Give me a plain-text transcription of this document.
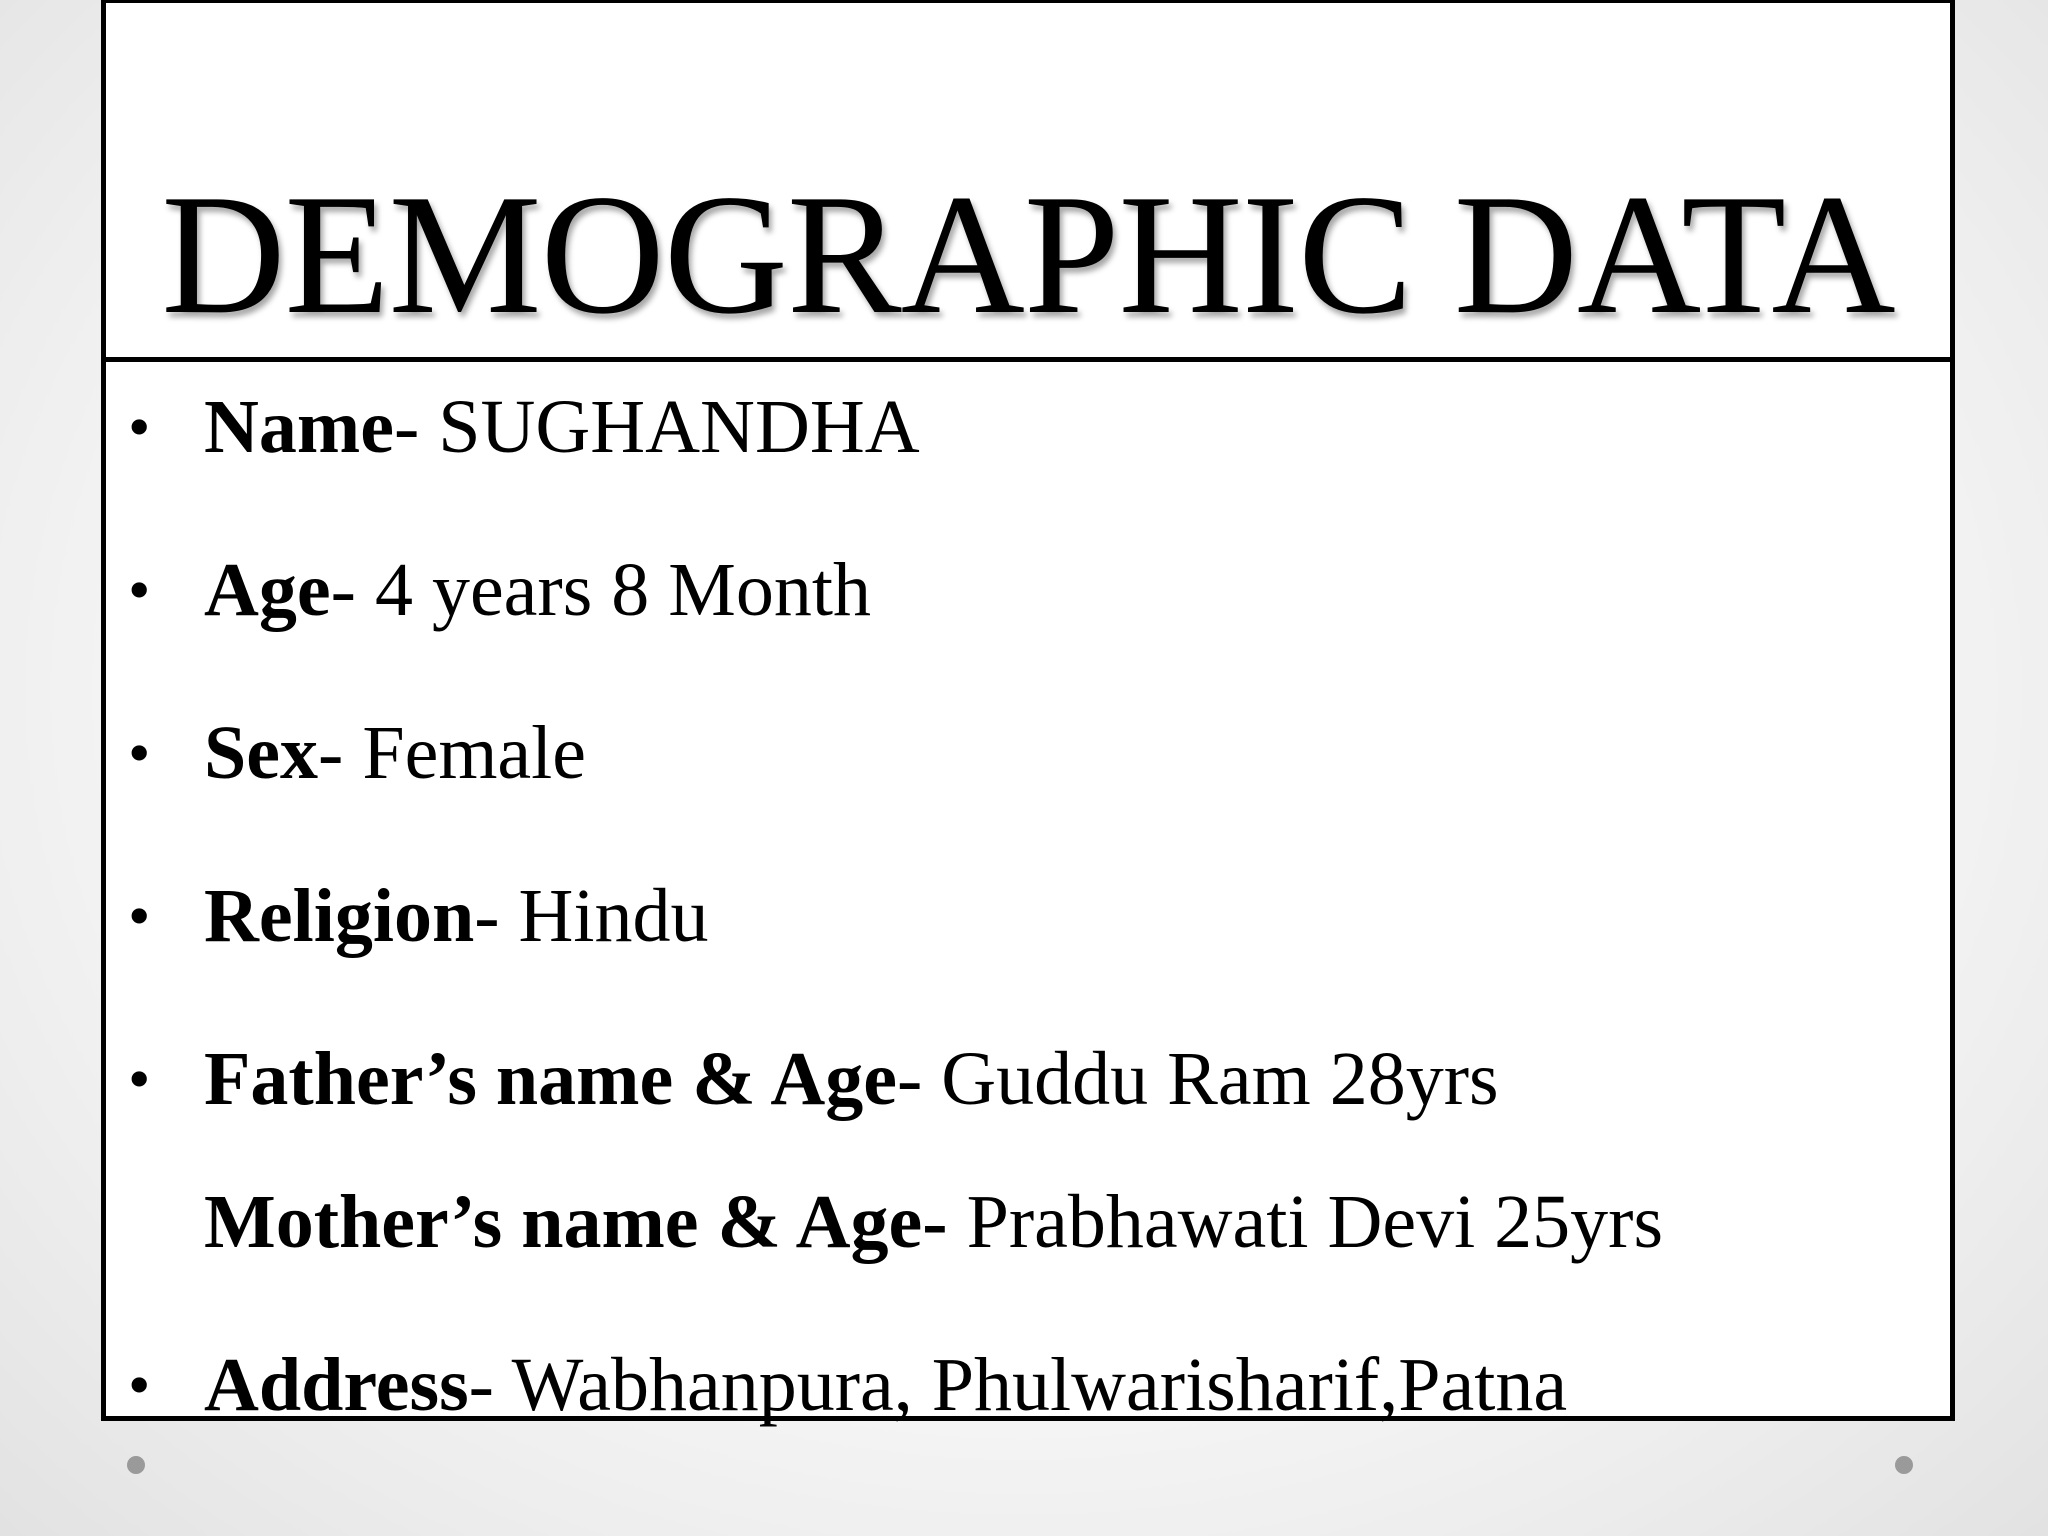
DEMOGRAPHIC DATA
• Name- SUGHANDHA
• Age- 4 years 8 Month
• Sex- Female
• Religion- Hindu
• Father’s name & Age- Guddu Ram 28yrs
Mother’s name & Age- Prabhawati Devi 25yrs
• Address- Wabhanpura, Phulwarisharif,Patna
